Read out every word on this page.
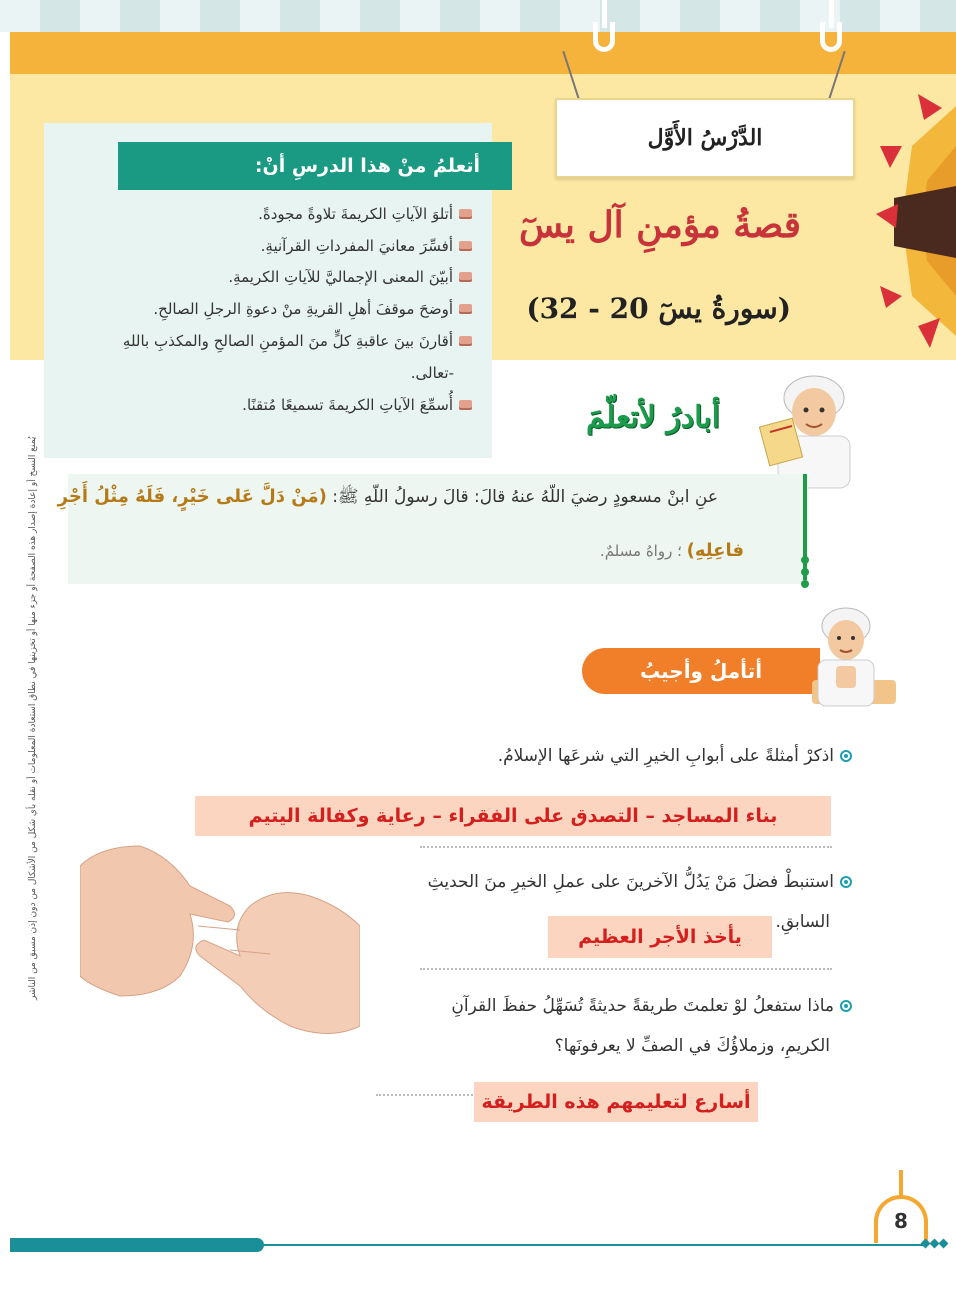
الدَّرْسُ الأَوَّل
قصةُ مؤمنِ آل يسٓ
(سورةُ يسٓ 20 - 32)
أتعلمُ منْ هذا الدرسِ أنْ:
أتلوَ الآياتِ الكريمةَ تلاوةً مجودةً.
أفسِّرَ معانيَ المفرداتِ القرآنيةِ.
أبيّنَ المعنى الإجماليَّ للآياتِ الكريمةِ.
أوضحَ موقفَ أهلِ القريةِ منْ دعوةِ الرجلِ الصالحِ.
أقارنَ بينَ عاقبةِ كلٍّ منَ المؤمنِ الصالحِ والمكذبِ باللهِ
-تعالى.
أُسمِّعَ الآياتِ الكريمةَ تسميعًا مُتقنًا.	أبادرُ لأتعلّمَ
يُمنع النسخ أو إعادة إصدار هذه الصفحة أو جزء منها أو تخزينها في نطاق استعادة المعلومات أو نقله بأي شكل من الأشكال من دون إذن مسبق من الناشر	عنِ ابنْ مسعودٍ رضيَ اللّهُ عنهُ قالَ: قالَ رسولُ اللّهِ ﷺ: (مَنْ دَلَّ عَلى خَيْرٍ، فَلَهُ مِثْلُ أَجْرِ
فاعِلِهِ) ؛ رواهُ مسلمٌ.
أتأملُ وأجيبُ
اذكرْ أمثلةً على أبوابِ الخيرِ التي شرعَها الإسلامُ.
بناء المساجد – التصدق على الفقراء – رعاية وكفالة اليتيم
استنبطْ فضلَ مَنْ يَدُلُّ الآخرينَ على عملِ الخيرِ منَ الحديثِ
السابقِ.
يأخذ الأجر العظيم
ماذا ستفعلُ لوْ تعلمتَ طريقةً حديثةً تُسَهِّلُ حفظَ القرآنِ
الكريمِ، وزملاؤُكَ في الصفِّ لا يعرفونَها؟
أسارع لتعليمهم هذه الطريقة
8
